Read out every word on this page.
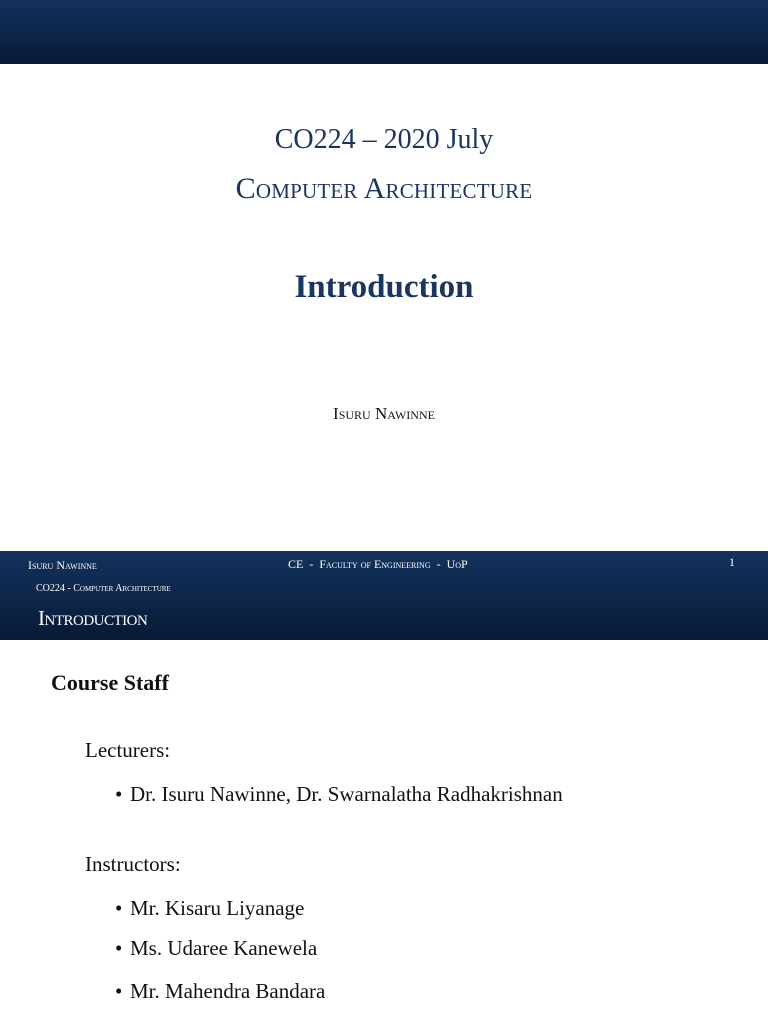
CO224 – 2020 July
Computer Architecture
Introduction
Isuru Nawinne
Isuru Nawinne	CE  -  Faculty of Engineering  -  UoP	1
CO224 - Computer Architecture
Introduction
Course Staff
Lecturers:
• Dr. Isuru Nawinne, Dr. Swarnalatha Radhakrishnan
Instructors:
• Mr. Kisaru Liyanage
• Ms. Udaree Kanewela
• Mr. Mahendra Bandara
